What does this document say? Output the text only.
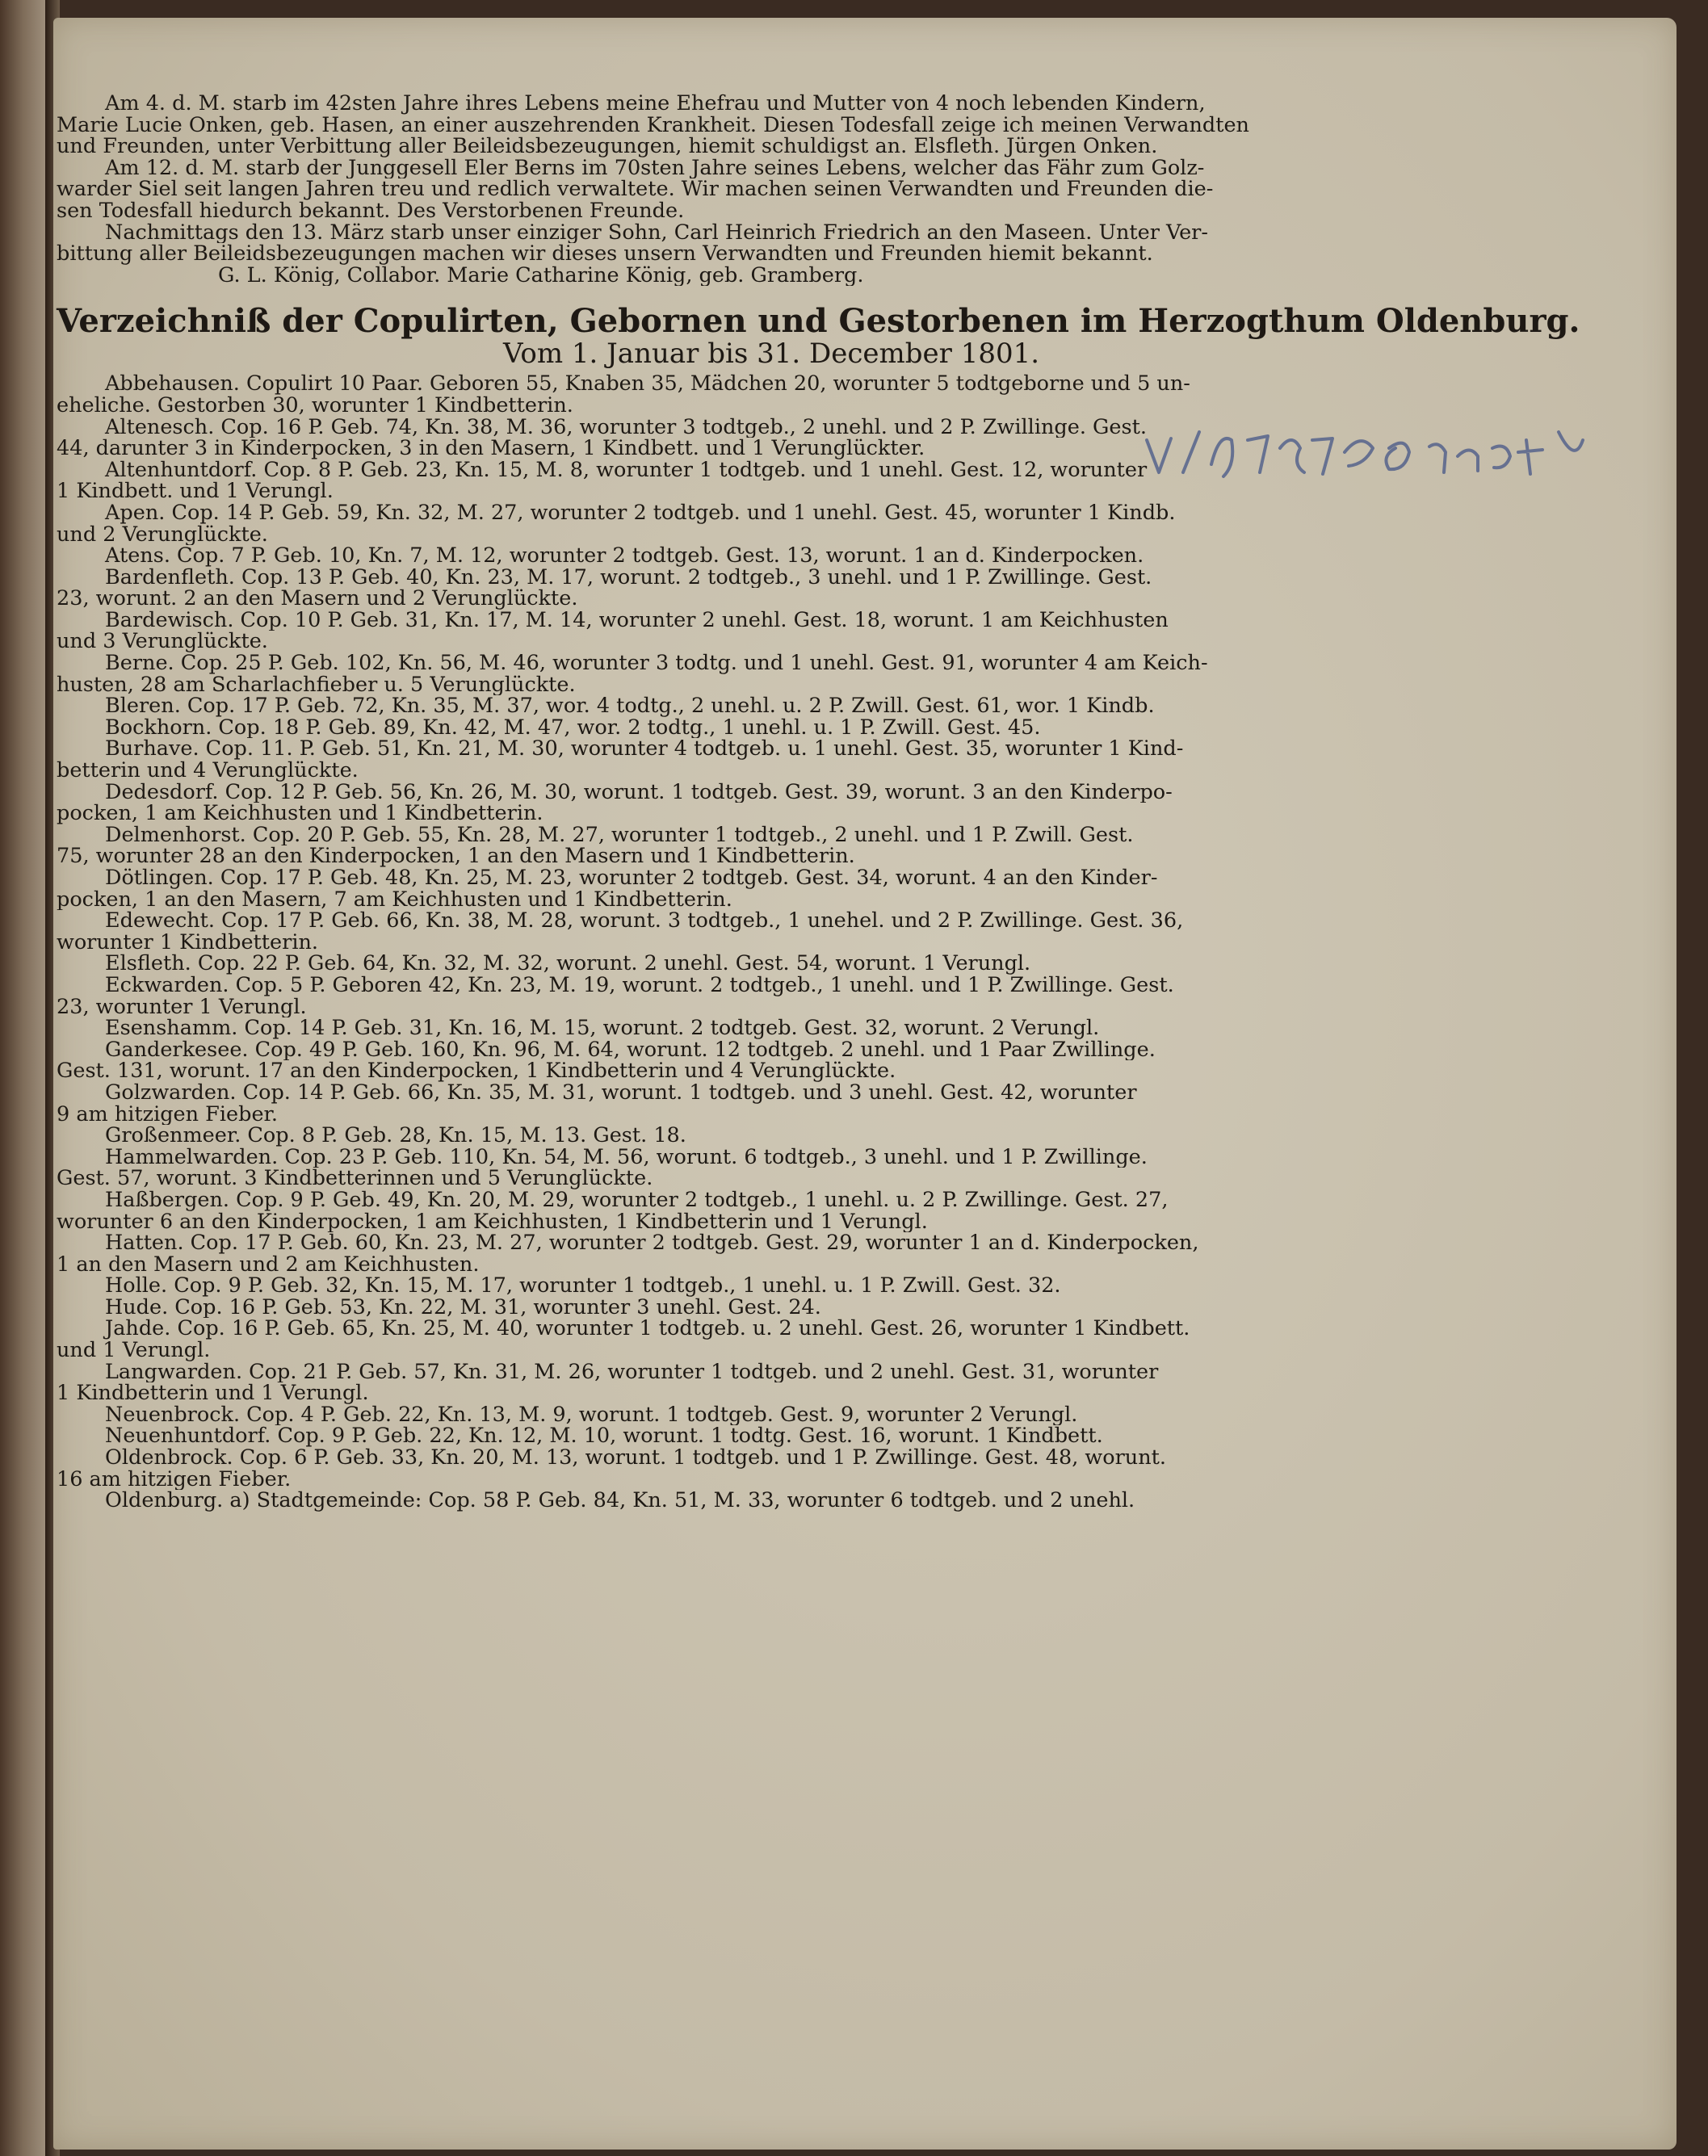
Am 4. d. M. starb im 42sten Jahre ihres Lebens meine Ehefrau und Mutter von 4 noch lebenden Kindern,
Marie Lucie Onken, geb. Hasen, an einer auszehrenden Krankheit. Diesen Todesfall zeige ich meinen Verwandten
und Freunden, unter Verbittung aller Beileidsbezeugungen, hiemit schuldigst an. Elsfleth. Jürgen Onken.
Am 12. d. M. starb der Junggesell Eler Berns im 70sten Jahre seines Lebens, welcher das Fähr zum Golz-
warder Siel seit langen Jahren treu und redlich verwaltete. Wir machen seinen Verwandten und Freunden die-
sen Todesfall hiedurch bekannt. Des Verstorbenen Freunde.
Nachmittags den 13. März starb unser einziger Sohn, Carl Heinrich Friedrich an den Maseen. Unter Ver-
bittung aller Beileidsbezeugungen machen wir dieses unsern Verwandten und Freunden hiemit bekannt.
G. L. König, Collabor. Marie Catharine König, geb. Gramberg.
Verzeichniß der Copulirten, Gebornen und Gestorbenen im Herzogthum Oldenburg.
Vom 1. Januar bis 31. December 1801.
Abbehausen. Copulirt 10 Paar. Geboren 55, Knaben 35, Mädchen 20, worunter 5 todtgeborne und 5 un-
eheliche. Gestorben 30, worunter 1 Kindbetterin.
Altenesch. Cop. 16 P. Geb. 74, Kn. 38, M. 36, worunter 3 todtgeb., 2 unehl. und 2 P. Zwillinge. Gest.
44, darunter 3 in Kinderpocken, 3 in den Masern, 1 Kindbett. und 1 Verunglückter.
Altenhuntdorf. Cop. 8 P. Geb. 23, Kn. 15, M. 8, worunter 1 todtgeb. und 1 unehl. Gest. 12, worunter
1 Kindbett. und 1 Verungl.
Apen. Cop. 14 P. Geb. 59, Kn. 32, M. 27, worunter 2 todtgeb. und 1 unehl. Gest. 45, worunter 1 Kindb.
und 2 Verunglückte.
Atens. Cop. 7 P. Geb. 10, Kn. 7, M. 12, worunter 2 todtgeb. Gest. 13, worunt. 1 an d. Kinderpocken.
Bardenfleth. Cop. 13 P. Geb. 40, Kn. 23, M. 17, worunt. 2 todtgeb., 3 unehl. und 1 P. Zwillinge. Gest.
23, worunt. 2 an den Masern und 2 Verunglückte.
Bardewisch. Cop. 10 P. Geb. 31, Kn. 17, M. 14, worunter 2 unehl. Gest. 18, worunt. 1 am Keichhusten
und 3 Verunglückte.
Berne. Cop. 25 P. Geb. 102, Kn. 56, M. 46, worunter 3 todtg. und 1 unehl. Gest. 91, worunter 4 am Keich-
husten, 28 am Scharlachfieber u. 5 Verunglückte.
Bleren. Cop. 17 P. Geb. 72, Kn. 35, M. 37, wor. 4 todtg., 2 unehl. u. 2 P. Zwill. Gest. 61, wor. 1 Kindb.
Bockhorn. Cop. 18 P. Geb. 89, Kn. 42, M. 47, wor. 2 todtg., 1 unehl. u. 1 P. Zwill. Gest. 45.
Burhave. Cop. 11. P. Geb. 51, Kn. 21, M. 30, worunter 4 todtgeb. u. 1 unehl. Gest. 35, worunter 1 Kind-
betterin und 4 Verunglückte.
Dedesdorf. Cop. 12 P. Geb. 56, Kn. 26, M. 30, worunt. 1 todtgeb. Gest. 39, worunt. 3 an den Kinderpo-
pocken, 1 am Keichhusten und 1 Kindbetterin.
Delmenhorst. Cop. 20 P. Geb. 55, Kn. 28, M. 27, worunter 1 todtgeb., 2 unehl. und 1 P. Zwill. Gest.
75, worunter 28 an den Kinderpocken, 1 an den Masern und 1 Kindbetterin.
Dötlingen. Cop. 17 P. Geb. 48, Kn. 25, M. 23, worunter 2 todtgeb. Gest. 34, worunt. 4 an den Kinder-
pocken, 1 an den Masern, 7 am Keichhusten und 1 Kindbetterin.
Edewecht. Cop. 17 P. Geb. 66, Kn. 38, M. 28, worunt. 3 todtgeb., 1 unehel. und 2 P. Zwillinge. Gest. 36,
worunter 1 Kindbetterin.
Elsfleth. Cop. 22 P. Geb. 64, Kn. 32, M. 32, worunt. 2 unehl. Gest. 54, worunt. 1 Verungl.
Eckwarden. Cop. 5 P. Geboren 42, Kn. 23, M. 19, worunt. 2 todtgeb., 1 unehl. und 1 P. Zwillinge. Gest.
23, worunter 1 Verungl.
Esenshamm. Cop. 14 P. Geb. 31, Kn. 16, M. 15, worunt. 2 todtgeb. Gest. 32, worunt. 2 Verungl.
Ganderkesee. Cop. 49 P. Geb. 160, Kn. 96, M. 64, worunt. 12 todtgeb. 2 unehl. und 1 Paar Zwillinge.
Gest. 131, worunt. 17 an den Kinderpocken, 1 Kindbetterin und 4 Verunglückte.
Golzwarden. Cop. 14 P. Geb. 66, Kn. 35, M. 31, worunt. 1 todtgeb. und 3 unehl. Gest. 42, worunter
9 am hitzigen Fieber.
Großenmeer. Cop. 8 P. Geb. 28, Kn. 15, M. 13. Gest. 18.
Hammelwarden. Cop. 23 P. Geb. 110, Kn. 54, M. 56, worunt. 6 todtgeb., 3 unehl. und 1 P. Zwillinge.
Gest. 57, worunt. 3 Kindbetterinnen und 5 Verunglückte.
Haßbergen. Cop. 9 P. Geb. 49, Kn. 20, M. 29, worunter 2 todtgeb., 1 unehl. u. 2 P. Zwillinge. Gest. 27,
worunter 6 an den Kinderpocken, 1 am Keichhusten, 1 Kindbetterin und 1 Verungl.
Hatten. Cop. 17 P. Geb. 60, Kn. 23, M. 27, worunter 2 todtgeb. Gest. 29, worunter 1 an d. Kinderpocken,
1 an den Masern und 2 am Keichhusten.
Holle. Cop. 9 P. Geb. 32, Kn. 15, M. 17, worunter 1 todtgeb., 1 unehl. u. 1 P. Zwill. Gest. 32.
Hude. Cop. 16 P. Geb. 53, Kn. 22, M. 31, worunter 3 unehl. Gest. 24.
Jahde. Cop. 16 P. Geb. 65, Kn. 25, M. 40, worunter 1 todtgeb. u. 2 unehl. Gest. 26, worunter 1 Kindbett.
und 1 Verungl.
Langwarden. Cop. 21 P. Geb. 57, Kn. 31, M. 26, worunter 1 todtgeb. und 2 unehl. Gest. 31, worunter
1 Kindbetterin und 1 Verungl.
Neuenbrock. Cop. 4 P. Geb. 22, Kn. 13, M. 9, worunt. 1 todtgeb. Gest. 9, worunter 2 Verungl.
Neuenhuntdorf. Cop. 9 P. Geb. 22, Kn. 12, M. 10, worunt. 1 todtg. Gest. 16, worunt. 1 Kindbett.
Oldenbrock. Cop. 6 P. Geb. 33, Kn. 20, M. 13, worunt. 1 todtgeb. und 1 P. Zwillinge. Gest. 48, worunt.
16 am hitzigen Fieber.
Oldenburg. a) Stadtgemeinde: Cop. 58 P. Geb. 84, Kn. 51, M. 33, worunter 6 todtgeb. und 2 unehl.
